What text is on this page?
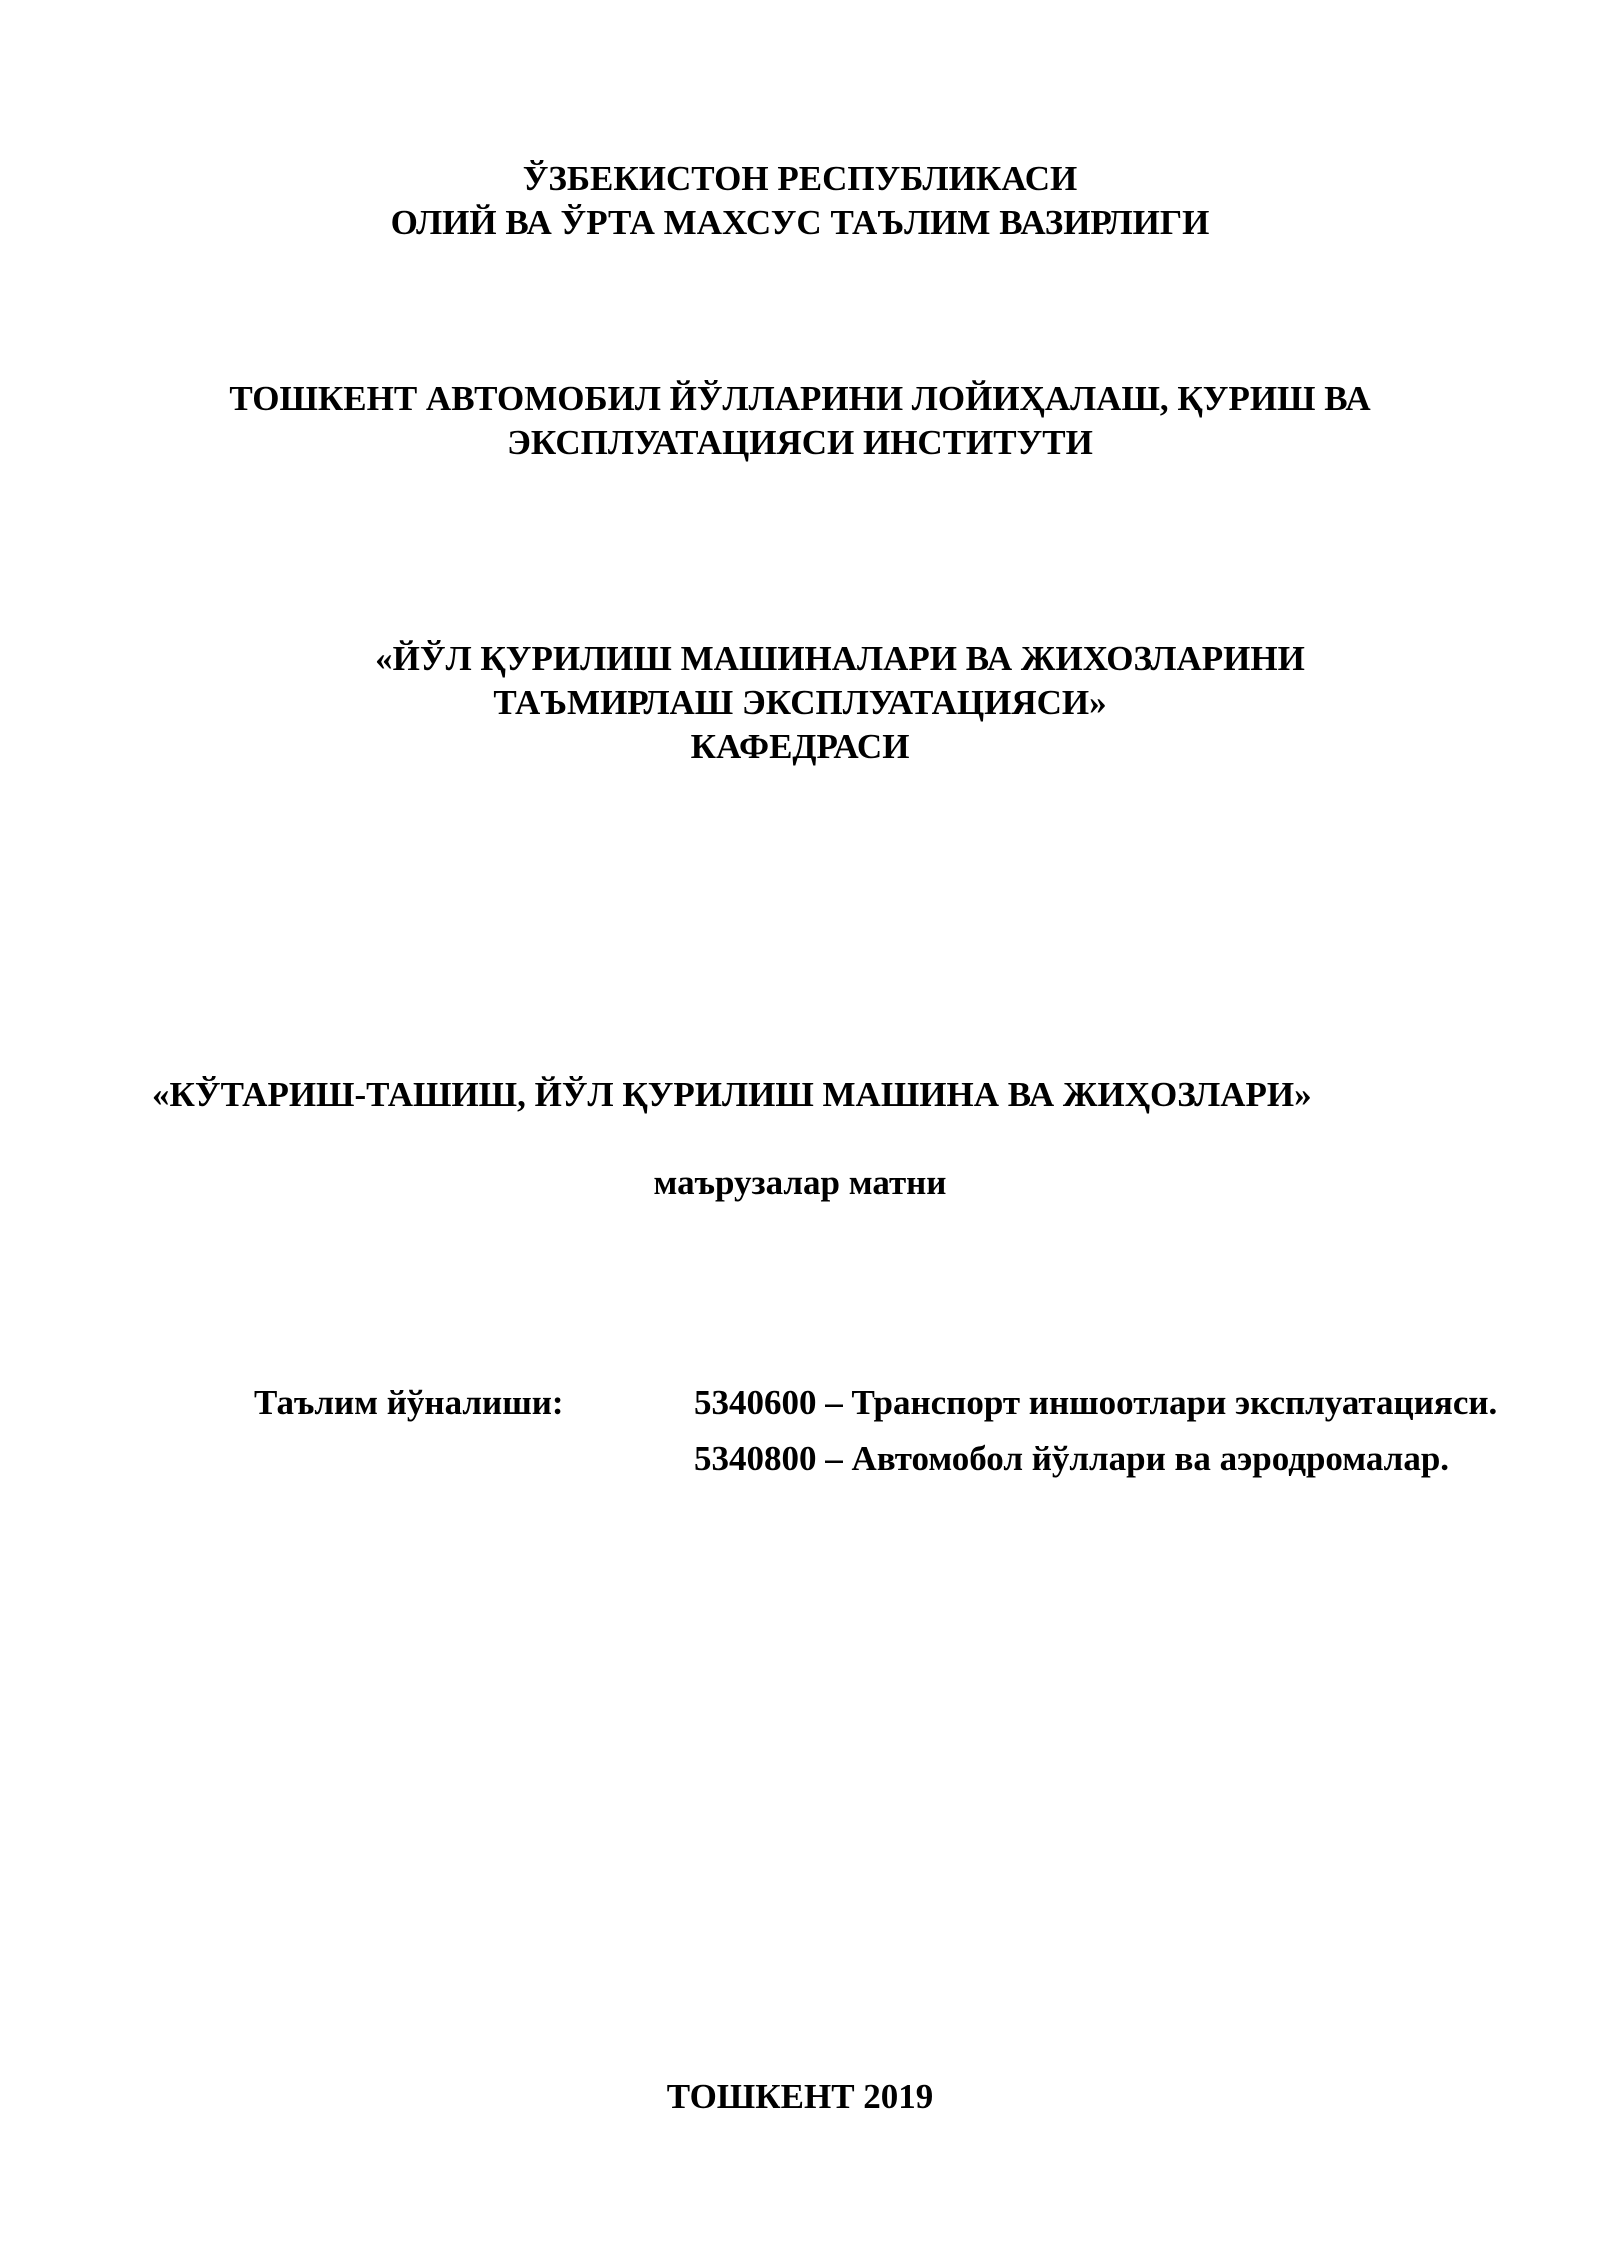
ЎЗБЕКИСТОН РЕСПУБЛИКАСИ
ОЛИЙ ВА ЎРТА МАХСУС ТАЪЛИМ ВАЗИРЛИГИ
ТОШКЕНТ АВТОМОБИЛ ЙЎЛЛАРИНИ ЛОЙИҲАЛАШ, ҚУРИШ ВА
ЭКСПЛУАТАЦИЯСИ ИНСТИТУТИ
«ЙЎЛ ҚУРИЛИШ МАШИНАЛАРИ ВА ЖИХОЗЛАРИНИ
ТАЪМИРЛАШ ЭКСПЛУАТАЦИЯСИ»
КАФЕДРАСИ
«КЎТАРИШ-ТАШИШ, ЙЎЛ ҚУРИЛИШ МАШИНА ВА ЖИҲОЗЛАРИ»
маърузалар матни
Таълим йўналиши:	5340600 – Транспорт иншоотлари эксплуатацияси.
5340800 – Автомобол йўллари ва аэродромалар.
ТОШКЕНТ 2019
